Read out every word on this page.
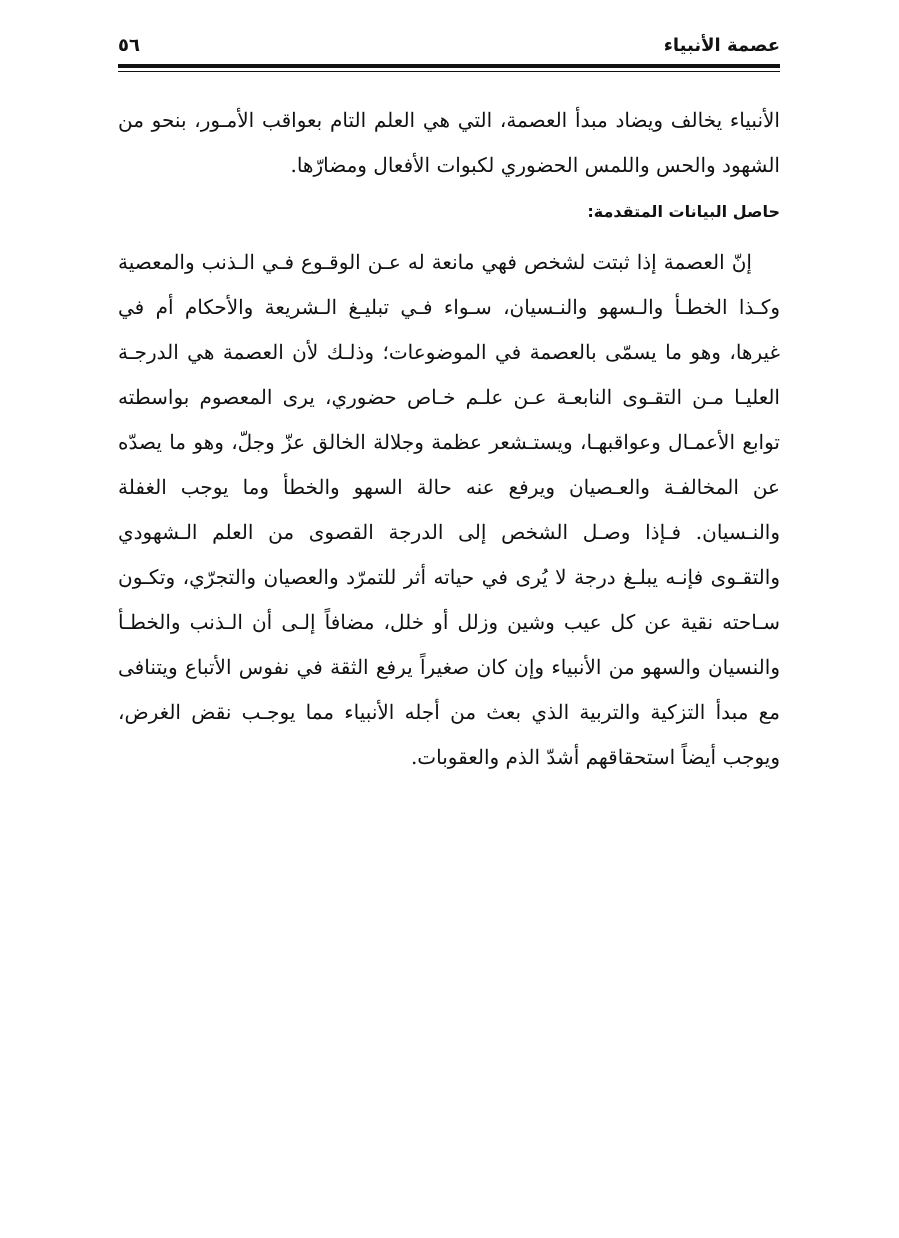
عصمة الأنبياء
٥٦

الأنبياء يخالف ويضاد مبدأ العصمة، التي هي العلم التام بعواقب الأمـور، بنحو من الشهود والحس واللمس الحضوري لكبوات الأفعال ومضارّها.

حاصل البيانات المتقدمة:

إنّ العصمة إذا ثبتت لشخص فهي مانعة له عـن الوقـوع فـي الـذنب والمعصية وكـذا الخطـأ والـسهو والنـسيان، سـواء فـي تبليـغ الـشريعة والأحكام أم في غيرها، وهو ما يسمّى بالعصمة في الموضوعات؛ وذلـك لأن العصمة هي الدرجـة العليـا مـن التقـوى النابعـة عـن علـم خـاص حضوري، يرى المعصوم بواسطته توابع الأعمـال وعواقبهـا، ويستـشعر عظمة وجلالة الخالق عزّ وجلّ، وهو ما يصدّه عن المخالفـة والعـصيان ويرفع عنه حالة السهو والخطأ وما يوجب الغفلة والنـسيان. فـإذا وصـل الشخص إلى الدرجة القصوى من العلم الـشهودي والتقـوى فإنـه يبلـغ درجة لا يُرى في حياته أثر للتمرّد والعصيان والتجرّي، وتكـون سـاحته نقية عن كل عيب وشين وزلل أو خلل، مضافاً إلـى أن الـذنب والخطـأ والنسيان والسهو من الأنبياء وإن كان صغيراً يرفع الثقة في نفوس الأتباع ويتنافى مع مبدأ التزكية والتربية الذي بعث من أجله الأنبياء مما يوجـب نقض الغرض، ويوجب أيضاً استحقاقهم أشدّ الذم والعقوبات.
